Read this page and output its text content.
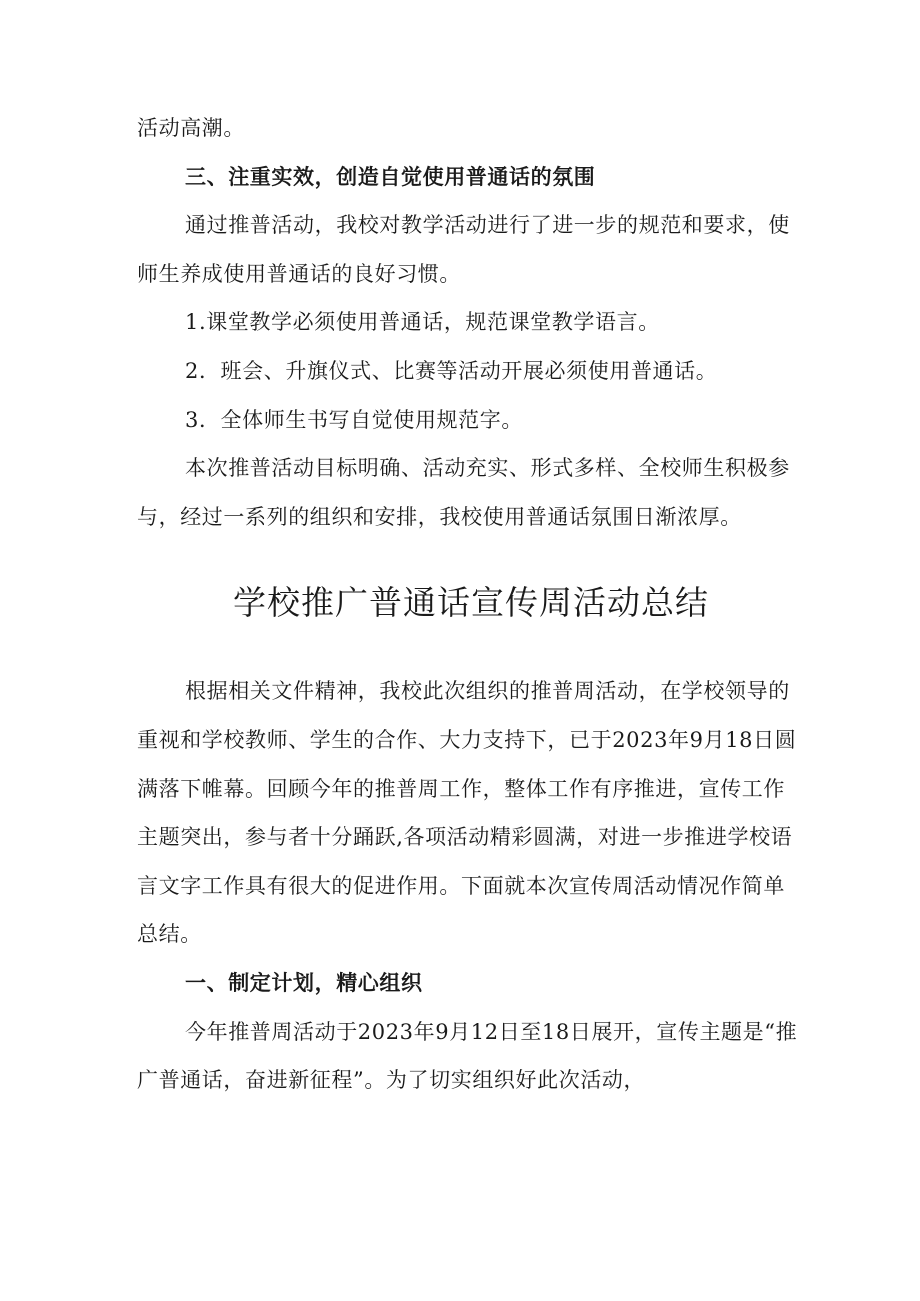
活动高潮。

三、注重实效，创造自觉使用普通话的氛围

通过推普活动，我校对教学活动进行了进一步的规范和要求，使师生养成使用普通话的良好习惯。

1.课堂教学必须使用普通话，规范课堂教学语言。

2．班会、升旗仪式、比赛等活动开展必须使用普通话。

3．全体师生书写自觉使用规范字。

本次推普活动目标明确、活动充实、形式多样、全校师生积极参与，经过一系列的组织和安排，我校使用普通话氛围日渐浓厚。

学校推广普通话宣传周活动总结

根据相关文件精神，我校此次组织的推普周活动，在学校领导的重视和学校教师、学生的合作、大力支持下，已于2023年9月18日圆满落下帷幕。回顾今年的推普周工作，整体工作有序推进，宣传工作主题突出，参与者十分踊跃,各项活动精彩圆满，对进一步推进学校语言文字工作具有很大的促进作用。下面就本次宣传周活动情况作简单总结。

一、制定计划，精心组织

今年推普周活动于2023年9月12日至18日展开，宣传主题是“推广普通话，奋进新征程”。为了切实组织好此次活动，
